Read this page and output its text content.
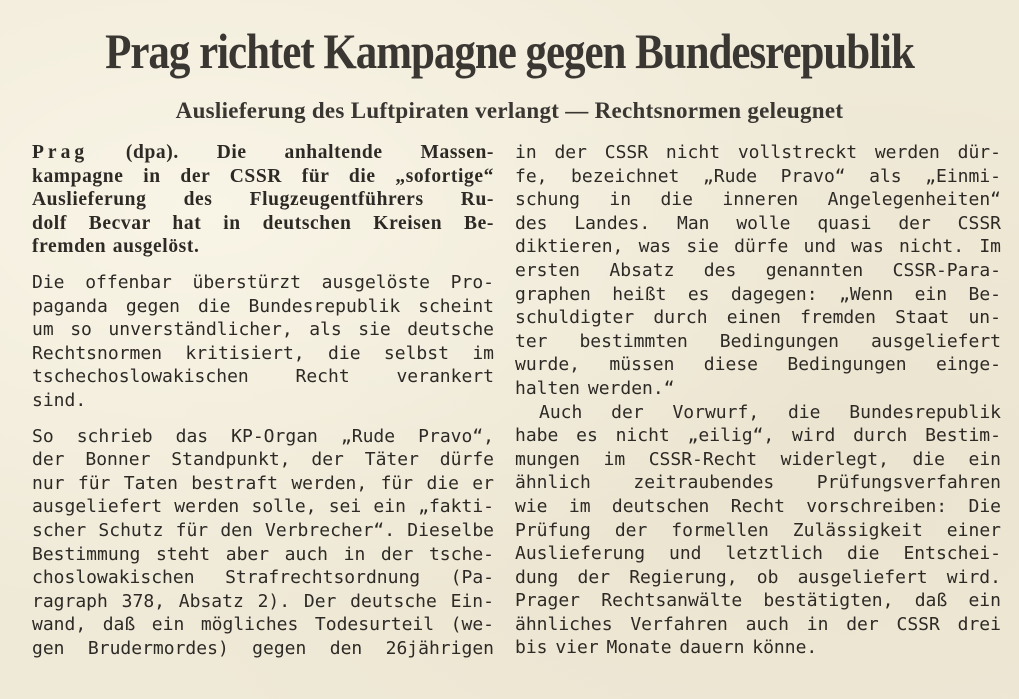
Prag richtet Kampagne gegen Bundesrepublik
Auslieferung des Luftpiraten verlangt — Rechtsnormen geleugnet
Prag (dpa). Die anhaltende Massen-
kampagne in der CSSR für die „sofortige“
Auslieferung des Flugzeugentführers Ru-
dolf Becvar hat in deutschen Kreisen Be-
fremden ausgelöst.
Die offenbar überstürzt ausgelöste Pro-
paganda gegen die Bundesrepublik scheint
um so unverständlicher, als sie deutsche
Rechtsnormen kritisiert, die selbst im
tschechoslowakischen Recht verankert
sind.
So schrieb das KP-Organ „Rude Pravo“,
der Bonner Standpunkt, der Täter dürfe
nur für Taten bestraft werden, für die er
ausgeliefert werden solle, sei ein „fakti-
scher Schutz für den Verbrecher“. Dieselbe
Bestimmung steht aber auch in der tsche-
choslowakischen Strafrechtsordnung (Pa-
ragraph 378, Absatz 2). Der deutsche Ein-
wand, daß ein mögliches Todesurteil (we-
gen Brudermordes) gegen den 26jährigen
in der CSSR nicht vollstreckt werden dür-
fe, bezeichnet „Rude Pravo“ als „Einmi-
schung in die inneren Angelegenheiten“
des Landes. Man wolle quasi der CSSR
diktieren, was sie dürfe und was nicht. Im
ersten Absatz des genannten CSSR-Para-
graphen heißt es dagegen: „Wenn ein Be-
schuldigter durch einen fremden Staat un-
ter bestimmten Bedingungen ausgeliefert
wurde, müssen diese Bedingungen einge-
halten werden.“
Auch der Vorwurf, die Bundesrepublik
habe es nicht „eilig“, wird durch Bestim-
mungen im CSSR-Recht widerlegt, die ein
ähnlich zeitraubendes Prüfungsverfahren
wie im deutschen Recht vorschreiben: Die
Prüfung der formellen Zulässigkeit einer
Auslieferung und letztlich die Entschei-
dung der Regierung, ob ausgeliefert wird.
Prager Rechtsanwälte bestätigten, daß ein
ähnliches Verfahren auch in der CSSR drei
bis vier Monate dauern könne.
